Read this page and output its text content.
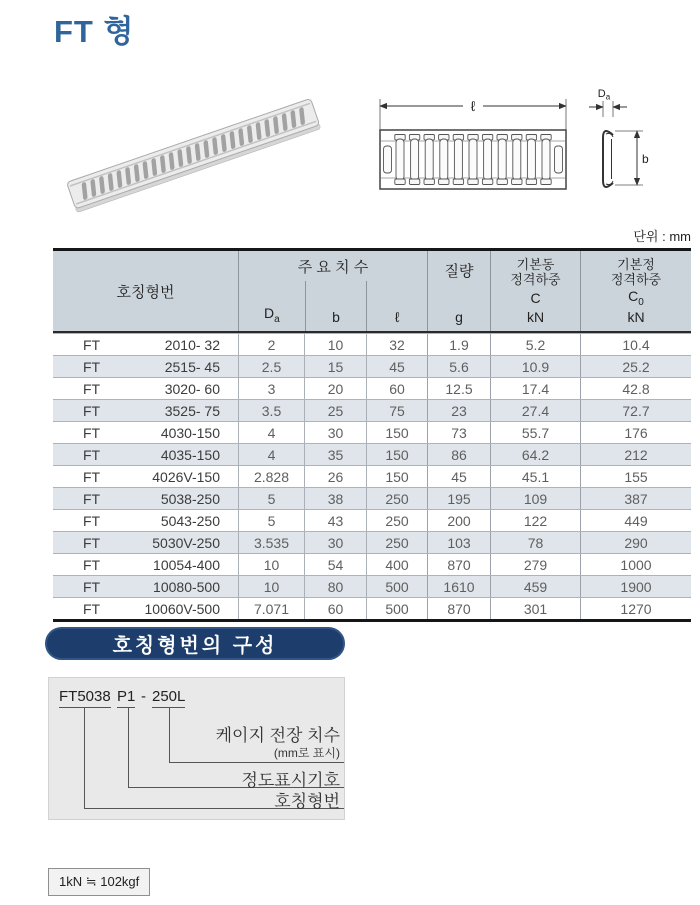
FT 형
ℓ
$D_a$
b
단위 : mm
호칭형번
주 요 치 수
$D_a$	b	ℓ
질량
g
기본동
정격하중
C
kN
기본정
정격하중
$C_0$
kN
FT	2010- 32	2	10	32	1.9	5.2	10.4
FT	2515- 45	2.5	15	45	5.6	10.9	25.2
FT	3020- 60	3	20	60	12.5	17.4	42.8
FT	3525- 75	3.5	25	75	23	27.4	72.7
FT	4030-150	4	30	150	73	55.7	176
FT	4035-150	4	35	150	86	64.2	212
FT	4026V-150	2.828	26	150	45	45.1	155
FT	5038-250	5	38	250	195	109	387
FT	5043-250	5	43	250	200	122	449
FT	5030V-250	3.535	30	250	103	78	290
FT	10054-400	10	54	400	870	279	1000
FT	10080-500	10	80	500	1610	459	1900
FT	10060V-500	7.071	60	500	870	301	1270
호칭형번의 구성
FT5038 P1 - 250L
케이지 전장 치수
(mm로 표시)
정도표시기호
호칭형번
1kN ≒ 102kgf
